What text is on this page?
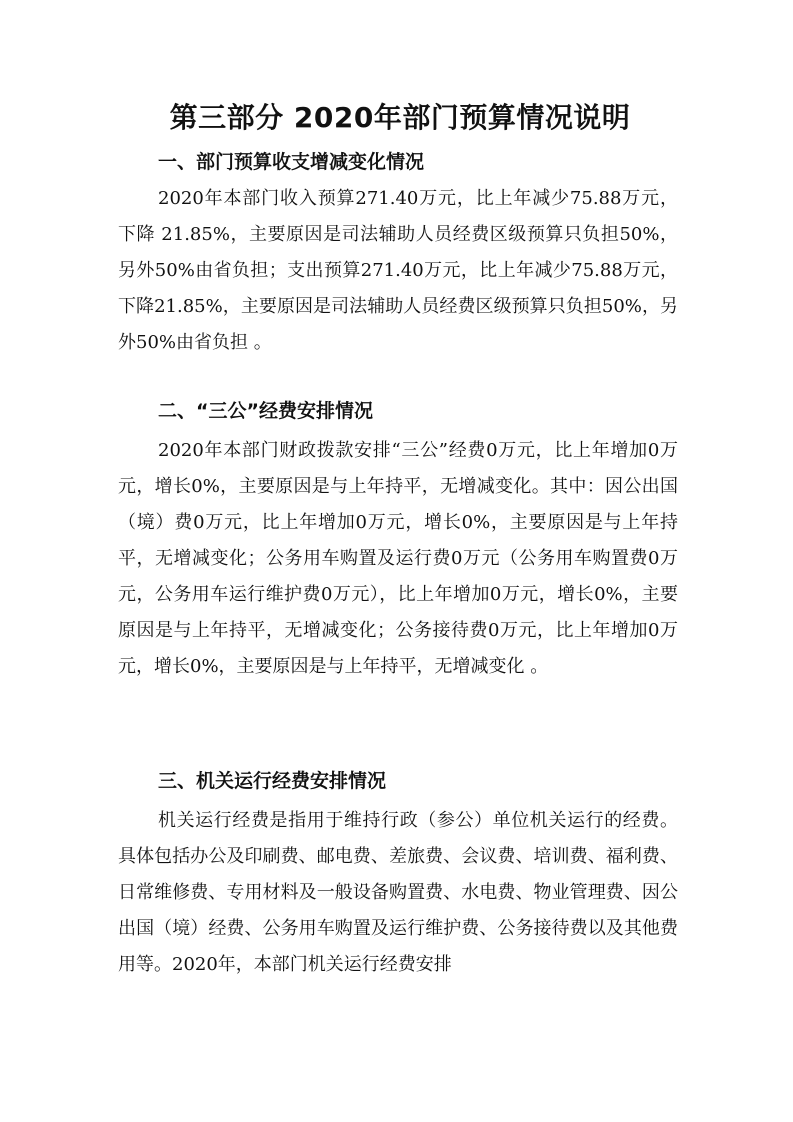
第三部分 2020年部门预算情况说明
一、部门预算收支增减变化情况

2020年本部门收入预算271.40万元，比上年减少75.88万元，下降 21.85%，主要原因是司法辅助人员经费区级预算只负担50%，另外50%由省负担；支出预算271.40万元，比上年减少75.88万元，下降21.85%，主要原因是司法辅助人员经费区级预算只负担50%，另外50%由省负担 。

二、“三公”经费安排情况

2020年本部门财政拨款安排“三公”经费0万元，比上年增加0万元，增长0%，主要原因是与上年持平，无增减变化。其中：因公出国（境）费0万元，比上年增加0万元，增长0%，主要原因是与上年持平，无增减变化；公务用车购置及运行费0万元（公务用车购置费0万元，公务用车运行维护费0万元），比上年增加0万元，增长0%，主要原因是与上年持平，无增减变化；公务接待费0万元，比上年增加0万元，增长0%，主要原因是与上年持平，无增减变化 。

三、机关运行经费安排情况

机关运行经费是指用于维持行政（参公）单位机关运行的经费。具体包括办公及印刷费、邮电费、差旅费、会议费、培训费、福利费、日常维修费、专用材料及一般设备购置费、水电费、物业管理费、因公出国（境）经费、公务用车购置及运行维护费、公务接待费以及其他费用等。2020年，本部门机关运行经费安排
